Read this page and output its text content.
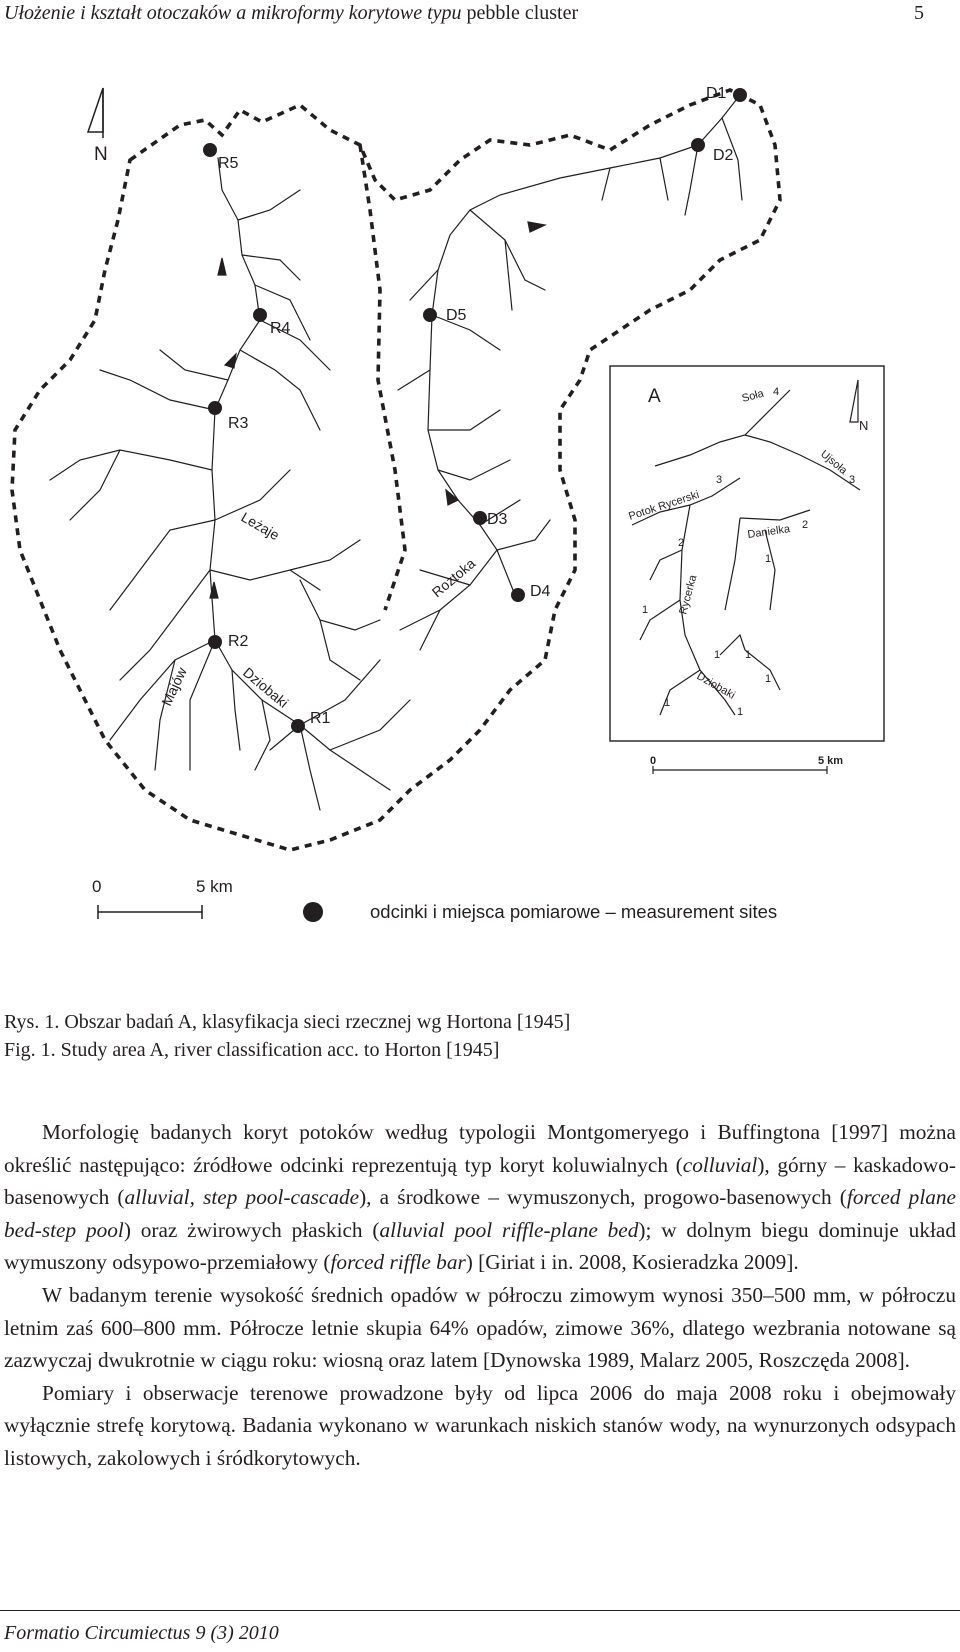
Ułożenie i kształt otoczaków a mikroformy korytowe typu pebble cluster	5
N
D1
D2
D5
D3
D4
R5
R4
R3
R2
R1
Leżaje
Majów	Dziobaki
Roztoka
0	5 km
odcinki i miejsca pomiarowe – measurement sites
A
N
Soła 4
Ujsoła
3
Potok Rycerski
3
Danielka 2
Rycerka
2
Dziobaki
1
1
1 1
1
1
1
0	5 km
Rys. 1. Obszar badań A, klasyfikacja sieci rzecznej wg Hortona [1945]
Fig. 1. Study area A, river classification acc. to Horton [1945]

Morfologię badanych koryt potoków według typologii Montgomeryego i Buffingtona [1997] można określić następująco: źródłowe odcinki reprezentują typ koryt koluwialnych (colluvial), górny – kaskadowo-basenowych (alluvial, step pool-cascade), a środkowe – wymuszonych, progowo-basenowych (forced plane bed-step pool) oraz żwirowych płaskich (alluvial pool riffle-plane bed); w dolnym biegu dominuje układ wymuszony odsypowo-przemiałowy (forced riffle bar) [Giriat i in. 2008, Kosieradzka 2009].

W badanym terenie wysokość średnich opadów w półroczu zimowym wynosi 350–500 mm, w półroczu letnim zaś 600–800 mm. Półrocze letnie skupia 64% opadów, zimowe 36%, dlatego wezbrania notowane są zazwyczaj dwukrotnie w ciągu roku: wiosną oraz latem [Dynowska 1989, Malarz 2005, Roszczęda 2008].

Pomiary i obserwacje terenowe prowadzone były od lipca 2006 do maja 2008 roku i obejmowały wyłącznie strefę korytową. Badania wykonano w warunkach niskich stanów wody, na wynurzonych odsypach listowych, zakolowych i śródkorytowych.

Formatio Circumiectus 9 (3) 2010
